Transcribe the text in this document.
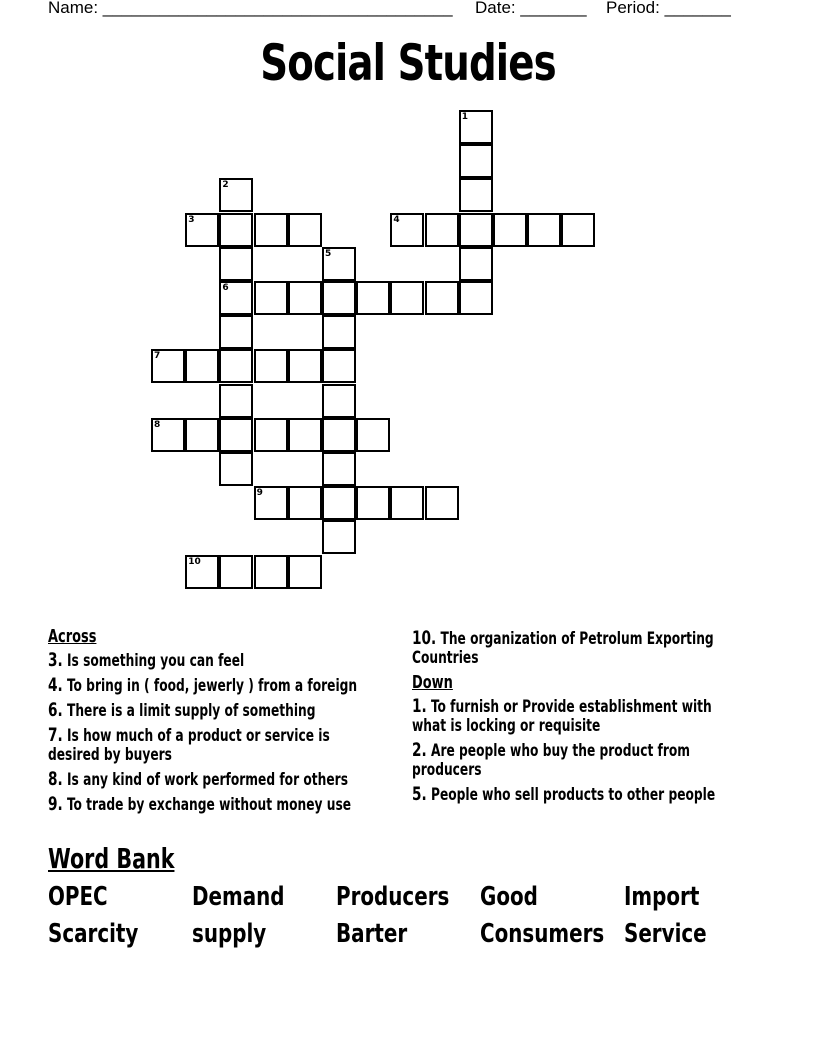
Name: _____________________________________ Date: _______ Period: _______
Social Studies
1
2
6
3	4
5
7
8
9
10
Across
3. Is something you can feel
4. To bring in ( food, jewerly ) from a foreign
6. There is a limit supply of something
7. Is how much of a product or service is desired by buyers
8. Is any kind of work performed for others
9. To trade by exchange without money use
10. The organization of Petrolum Exporting Countries
Down
1. To furnish or Provide establishment with what is locking or requisite
2. Are people who buy the product from producers
5. People who sell products to other people
Word Bank
OPEC	Demand Producers Good	Import
Scarcity supply	Barter	Consumers Service
